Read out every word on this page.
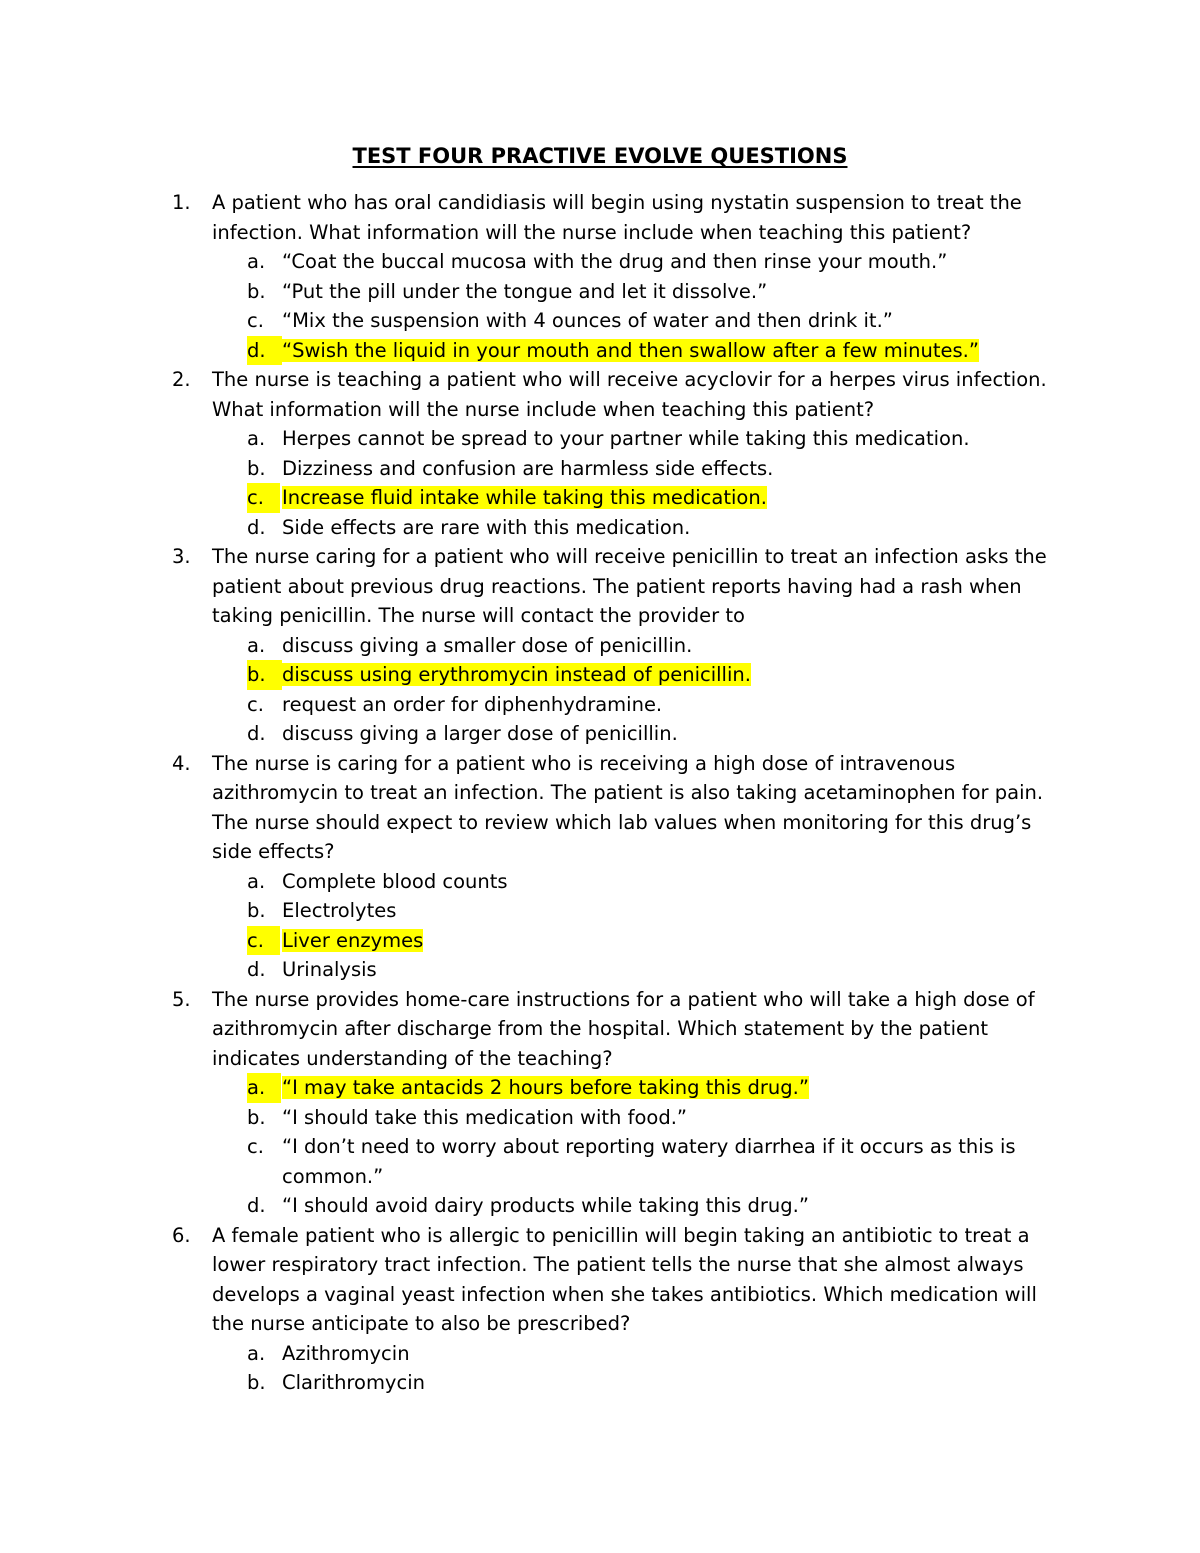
TEST FOUR PRACTIVE EVOLVE QUESTIONS
1.	A patient who has oral candidiasis will begin using nystatin suspension to treat the infection. What information will the nurse include when teaching this patient?
a. “Coat the buccal mucosa with the drug and then rinse your mouth.”
b. “Put the pill under the tongue and let it dissolve.”
c. “Mix the suspension with 4 ounces of water and then drink it.”
d. “Swish the liquid in your mouth and then swallow after a few minutes.”
2.	The nurse is teaching a patient who will receive acyclovir for a herpes virus infection. What information will the nurse include when teaching this patient?
a. Herpes cannot be spread to your partner while taking this medication.
b. Dizziness and confusion are harmless side effects.
c. Increase fluid intake while taking this medication.
d. Side effects are rare with this medication.
3.	The nurse caring for a patient who will receive penicillin to treat an infection asks the patient about previous drug reactions. The patient reports having had a rash when taking penicillin. The nurse will contact the provider to
a. discuss giving a smaller dose of penicillin.
b. discuss using erythromycin instead of penicillin.
c. request an order for diphenhydramine.
d. discuss giving a larger dose of penicillin.
4.	The nurse is caring for a patient who is receiving a high dose of intravenous azithromycin to treat an infection. The patient is also taking acetaminophen for pain. The nurse should expect to review which lab values when monitoring for this drug’s side effects?
a. Complete blood counts
b. Electrolytes
c. Liver enzymes
d. Urinalysis
5.	The nurse provides home-care instructions for a patient who will take a high dose of azithromycin after discharge from the hospital. Which statement by the patient indicates understanding of the teaching?
a. “I may take antacids 2 hours before taking this drug.”
b. “I should take this medication with food.”
c. “I don’t need to worry about reporting watery diarrhea if it occurs as this is common.”
d. “I should avoid dairy products while taking this drug.”
6.	A female patient who is allergic to penicillin will begin taking an antibiotic to treat a lower respiratory tract infection. The patient tells the nurse that she almost always develops a vaginal yeast infection when she takes antibiotics. Which medication will the nurse anticipate to also be prescribed?
a. Azithromycin
b. Clarithromycin
